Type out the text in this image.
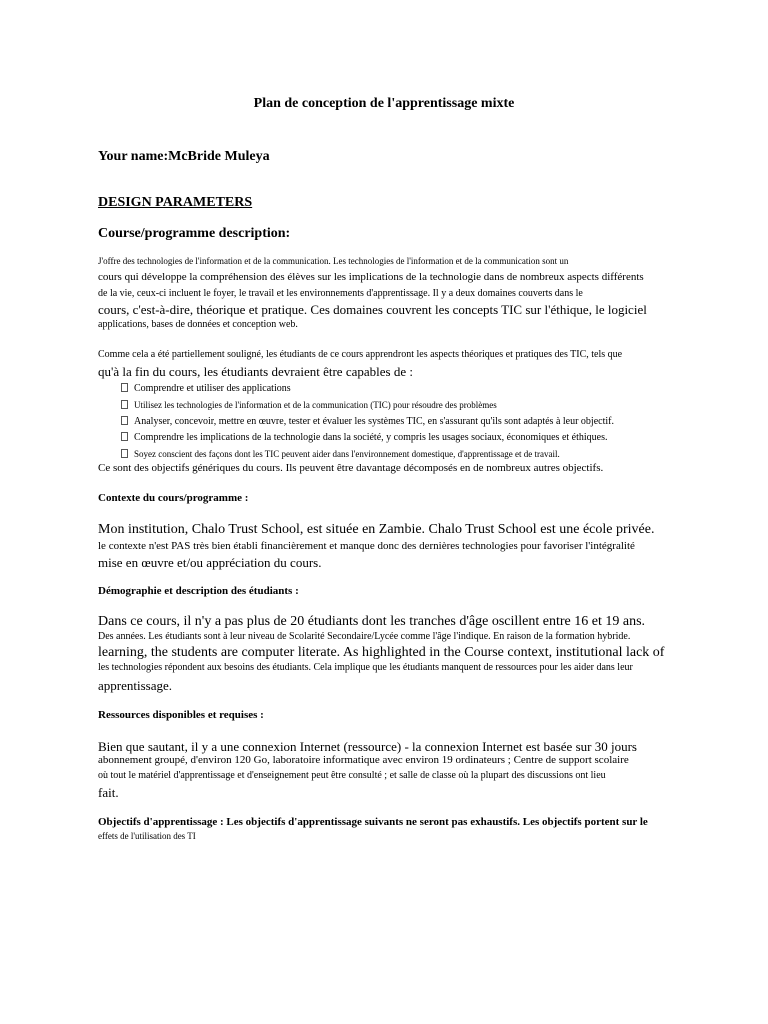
Plan de conception de l'apprentissage mixte
Your name:McBride Muleya
DESIGN PARAMETERS
Course/programme description:
J'offre des technologies de l'information et de la communication. Les technologies de l'information et de la communication sont un
cours qui développe la compréhension des élèves sur les implications de la technologie dans de nombreux aspects différents
de la vie, ceux-ci incluent le foyer, le travail et les environnements d'apprentissage. Il y a deux domaines couverts dans le
cours, c'est-à-dire, théorique et pratique. Ces domaines couvrent les concepts TIC sur l'éthique, le logiciel
applications, bases de données et conception web.
Comme cela a été partiellement souligné, les étudiants de ce cours apprendront les aspects théoriques et pratiques des TIC, tels que
qu'à la fin du cours, les étudiants devraient être capables de :
Comprendre et utiliser des applications
Utilisez les technologies de l'information et de la communication (TIC) pour résoudre des problèmes
Analyser, concevoir, mettre en œuvre, tester et évaluer les systèmes TIC, en s'assurant qu'ils sont adaptés à leur objectif.
Comprendre les implications de la technologie dans la société, y compris les usages sociaux, économiques et éthiques.
Soyez conscient des façons dont les TIC peuvent aider dans l'environnement domestique, d'apprentissage et de travail.
Ce sont des objectifs génériques du cours. Ils peuvent être davantage décomposés en de nombreux autres objectifs.
Contexte du cours/programme :
Mon institution, Chalo Trust School, est située en Zambie. Chalo Trust School est une école privée.
le contexte n'est PAS très bien établi financièrement et manque donc des dernières technologies pour favoriser l'intégralité
mise en œuvre et/ou appréciation du cours.
Démographie et description des étudiants :
Dans ce cours, il n'y a pas plus de 20 étudiants dont les tranches d'âge oscillent entre 16 et 19 ans.
Des années. Les étudiants sont à leur niveau de Scolarité Secondaire/Lycée comme l'âge l'indique. En raison de la formation hybride.
learning, the students are computer literate. As highlighted in the Course context, institutional lack of
les technologies répondent aux besoins des étudiants. Cela implique que les étudiants manquent de ressources pour les aider dans leur
apprentissage.
Ressources disponibles et requises :
Bien que sautant, il y a une connexion Internet (ressource) - la connexion Internet est basée sur 30 jours
abonnement groupé, d'environ 120 Go, laboratoire informatique avec environ 19 ordinateurs ; Centre de support scolaire
où tout le matériel d'apprentissage et d'enseignement peut être consulté ; et salle de classe où la plupart des discussions ont lieu
fait.
Objectifs d'apprentissage : Les objectifs d'apprentissage suivants ne seront pas exhaustifs. Les objectifs portent sur le
effets de l'utilisation des TI
